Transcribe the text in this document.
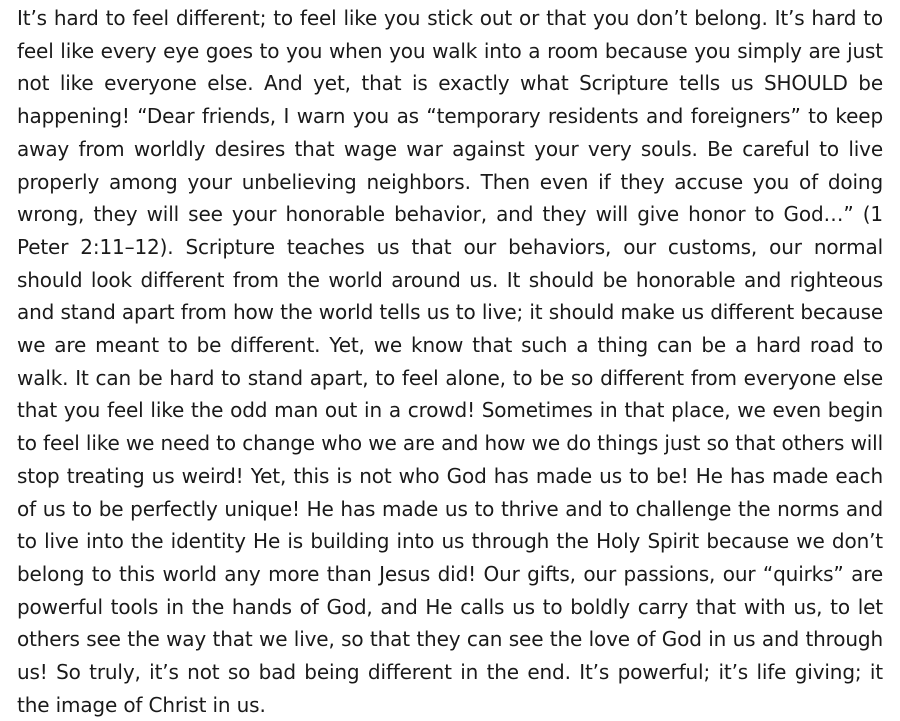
It’s hard to feel different; to feel like you stick out or that you don’t belong. It’s hard to feel like every eye goes to you when you walk into a room because you simply are just not like everyone else. And yet, that is exactly what Scripture tells us SHOULD be happening! “Dear friends, I warn you as “temporary residents and foreigners” to keep away from worldly desires that wage war against your very souls. Be careful to live properly among your unbelieving neighbors. Then even if they accuse you of doing wrong, they will see your honorable behavior, and they will give honor to God…” (1 Peter 2:11–12). Scripture teaches us that our behaviors, our customs, our normal should look different from the world around us. It should be honorable and righteous and stand apart from how the world tells us to live; it should make us different because we are meant to be different. Yet, we know that such a thing can be a hard road to walk. It can be hard to stand apart, to feel alone, to be so different from everyone else that you feel like the odd man out in a crowd! Sometimes in that place, we even begin to feel like we need to change who we are and how we do things just so that others will stop treating us weird! Yet, this is not who God has made us to be! He has made each of us to be perfectly unique! He has made us to thrive and to challenge the norms and to live into the identity He is building into us through the Holy Spirit because we don’t belong to this world any more than Jesus did! Our gifts, our passions, our “quirks” are powerful tools in the hands of God, and He calls us to boldly carry that with us, to let others see the way that we live, so that they can see the love of God in us and through us! So truly, it’s not so bad being different in the end. It’s powerful; it’s life giving; it the image of Christ in us.
